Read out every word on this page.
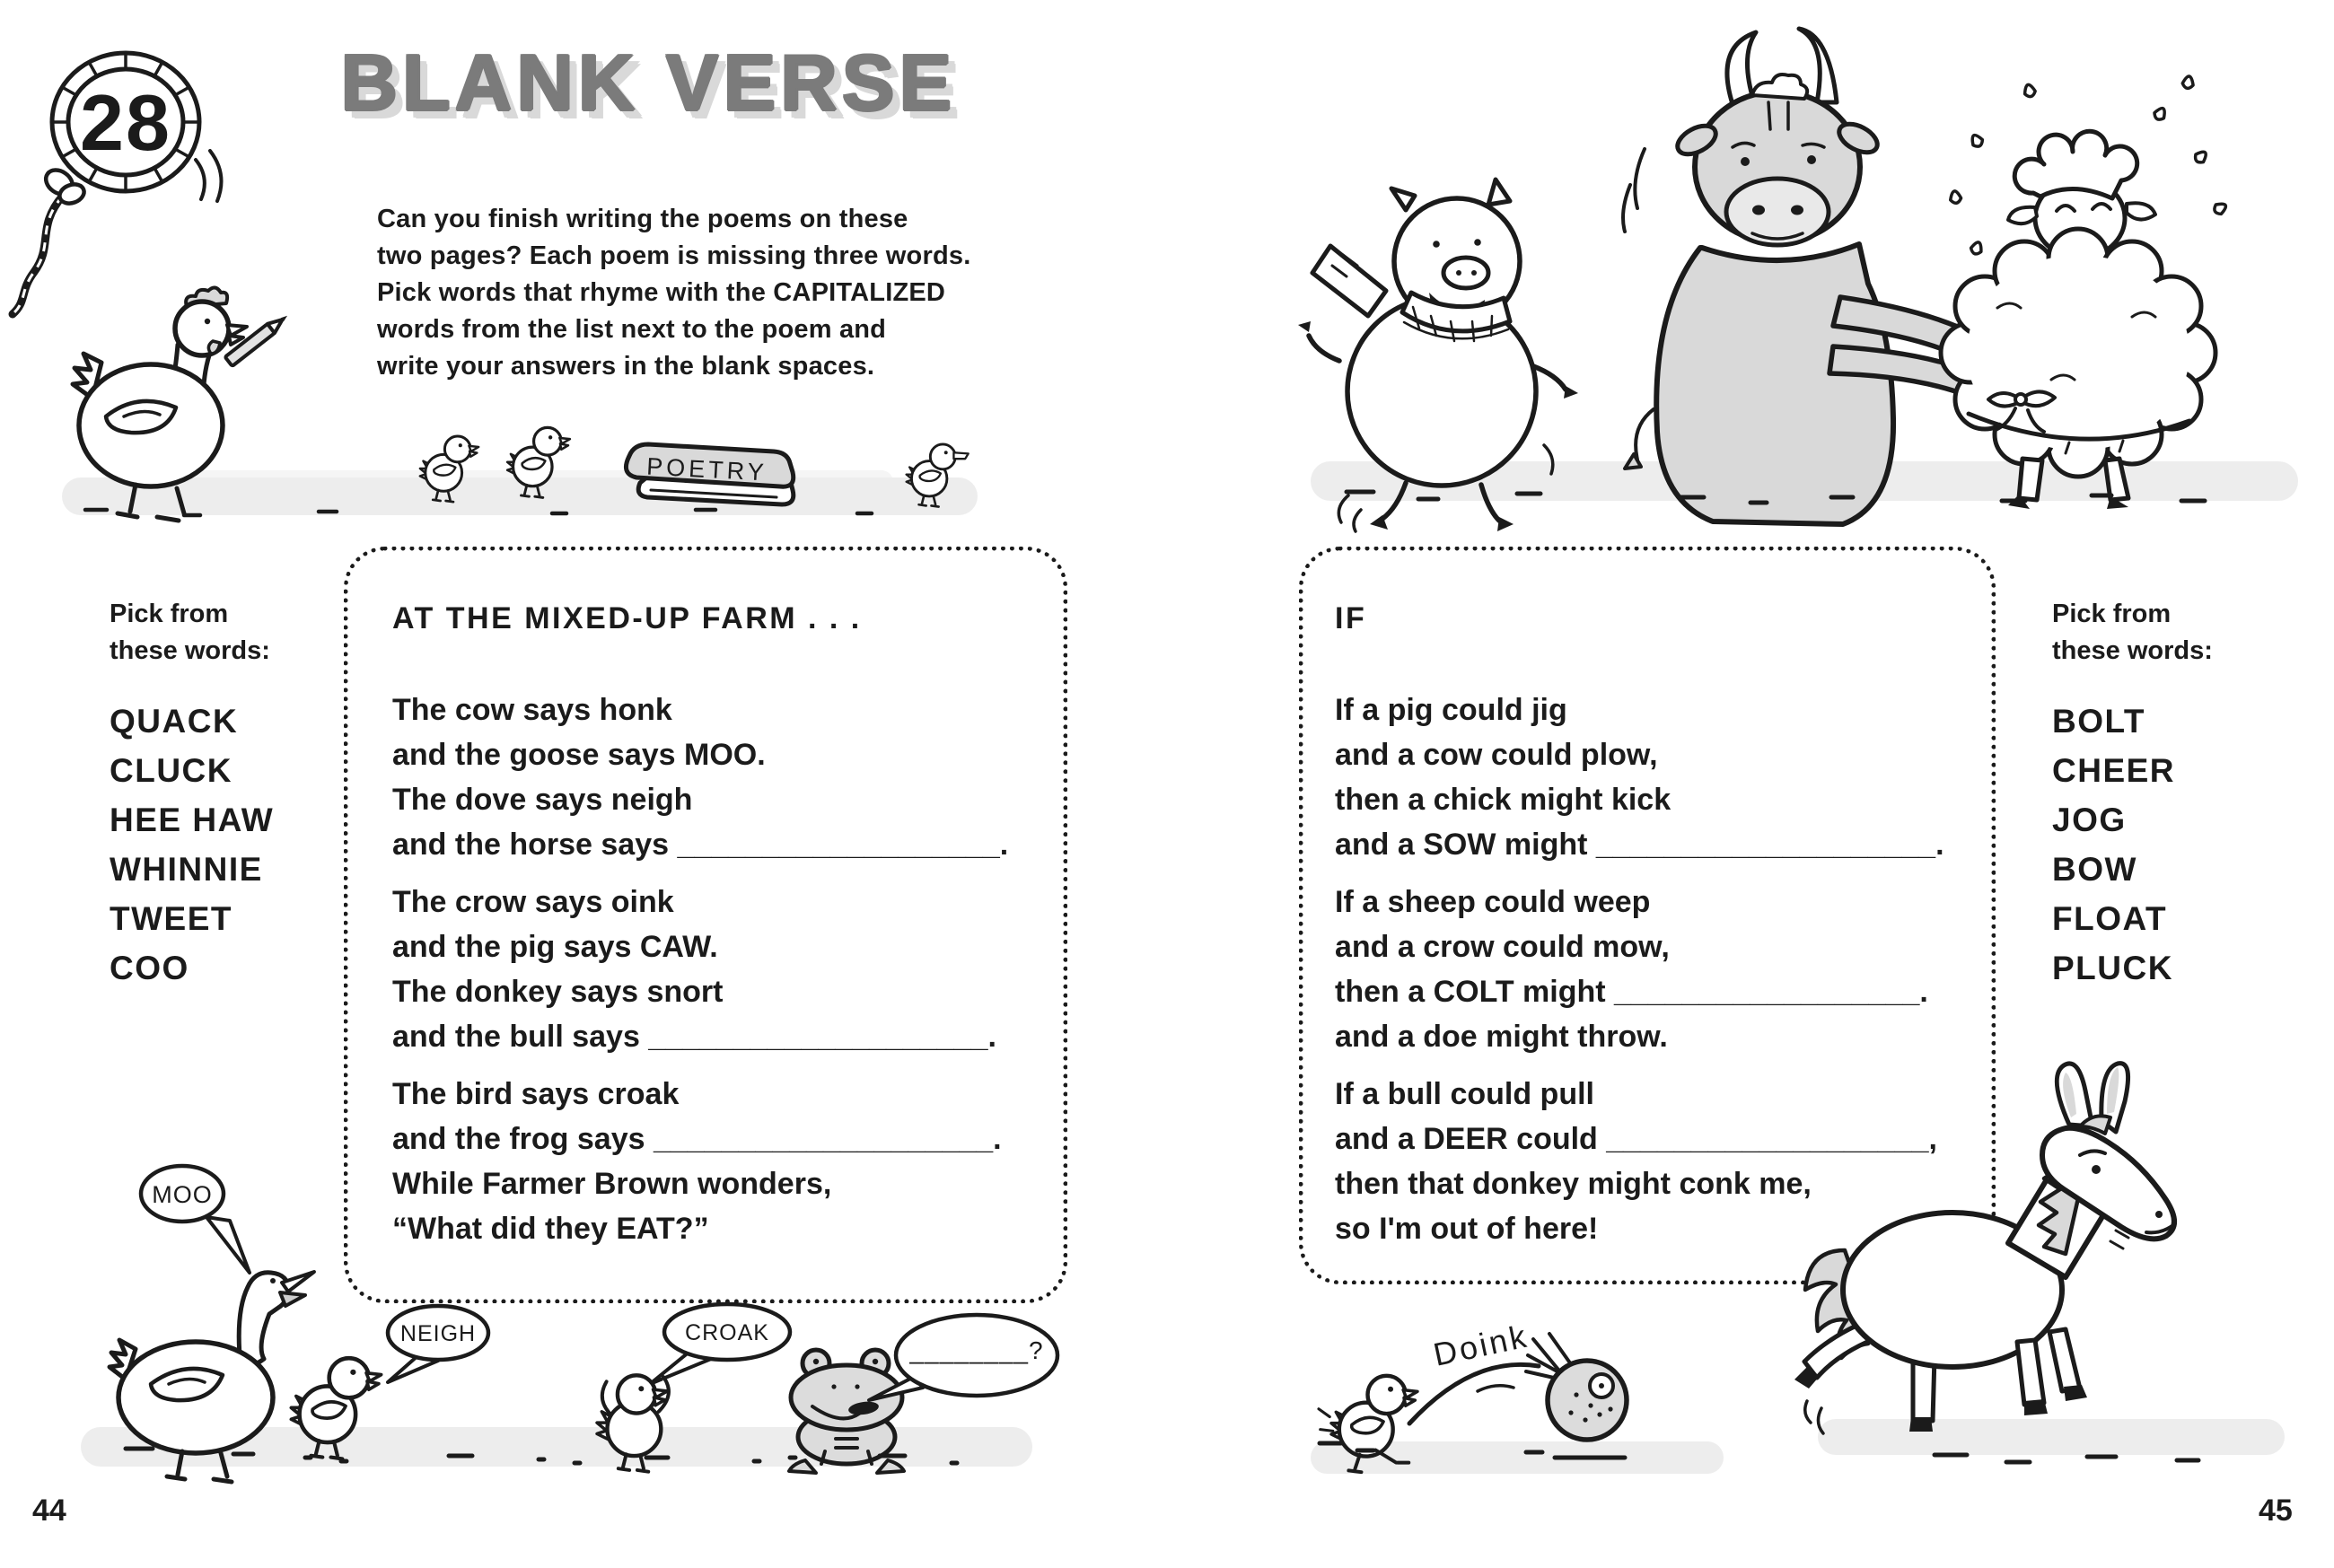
28 BLANK VERSE
Can you finish writing the poems on these
two pages? Each poem is missing three words.
Pick words that rhyme with the CAPITALIZED
words from the list next to the poem and
write your answers in the blank spaces.
POETRY
Pick from
these words:
QUACK
CLUCK
HEE HAW
WHINNIE
TWEET
COO
Pick from
these words:
BOLT
CHEER
JOG
BOW
FLOAT
PLUCK
AT THE MIXED-UP FARM . . .
The cow says honk
and the goose says MOO.
The dove says neigh
and the horse says ___________________.
The crow says oink
and the pig says CAW.
The donkey says snort
and the bull says ____________________.
The bird says croak
and the frog says ____________________.
While Farmer Brown wonders,
“What did they EAT?”
IF
If a pig could jig
and a cow could plow,
then a chick might kick
and a SOW might ____________________.
If a sheep could weep
and a crow could mow,
then a COLT might __________________.
and a doe might throw.
If a bull could pull
and a DEER could ___________________,
then that donkey might conk me,
so I'm out of here!
MOO
NEIGH	CROAK
________?	Doink
44	45
